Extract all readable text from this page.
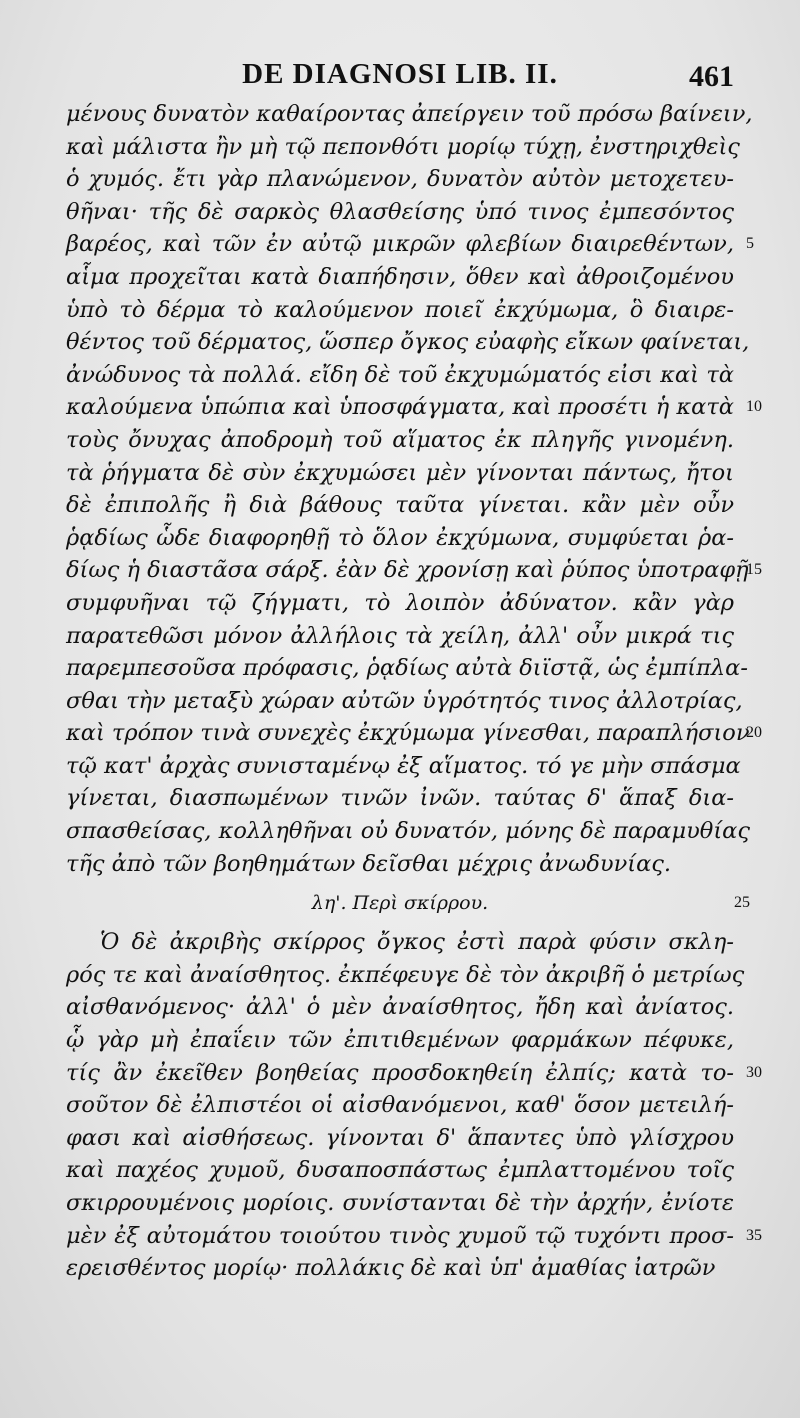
DE DIAGNOSI LIB. II.	461
μένους δυνατὸν καθαίροντας ἀπείργειν τοῦ πρόσω βαίνειν,
καὶ μάλιστα ἢν μὴ τῷ πεπονθότι μορίῳ τύχῃ, ἐνστηριχθεὶς
ὁ χυμός. ἔτι γὰρ πλανώμενον, δυνατὸν αὐτὸν μετοχετευ-
θῆναι· τῆς δὲ σαρκὸς θλασθείσης ὑπό τινος ἐμπεσόντος
βαρέος, καὶ τῶν ἐν αὐτῷ μικρῶν φλεβίων διαιρεθέντων, 5
αἷμα προχεῖται κατὰ διαπήδησιν, ὅθεν καὶ ἀθροιζομένου
ὑπὸ τὸ δέρμα τὸ καλούμενον ποιεῖ ἐκχύμωμα, ὃ διαιρε-
θέντος τοῦ δέρματος, ὥσπερ ὄγκος εὐαφὴς εἴκων φαίνεται,
ἀνώδυνος τὰ πολλά. εἴδη δὲ τοῦ ἐκχυμώματός εἰσι καὶ τὰ
καλούμενα ὑπώπια καὶ ὑποσφάγματα, καὶ προσέτι ἡ κατὰ 10
τοὺς ὄνυχας ἀποδρομὴ τοῦ αἵματος ἐκ πληγῆς γινομένη.
τὰ ῥήγματα δὲ σὺν ἐκχυμώσει μὲν γίνονται πάντως, ἤτοι
δὲ ἐπιπολῆς ἢ διὰ βάθους ταῦτα γίνεται. κἂν μὲν οὖν
ῥᾳδίως ὧδε διαφορηθῇ τὸ ὅλον ἐκχύμωνα, συμφύεται ῥα-
δίως ἡ διαστᾶσα σάρξ. ἐὰν δὲ χρονίσῃ καὶ ῥύπος ὑποτραφῇ
15
συμφυῆναι τῷ ζήγματι, τὸ λοιπὸν ἀδύνατον. κἂν γὰρ
παρατεθῶσι μόνον ἀλλήλοις τὰ χείλη, ἀλλ' οὖν μικρά τις
παρεμπεσοῦσα πρόφασις, ῥᾳδίως αὐτὰ διϊστᾷ, ὡς ἐμπίπλα-
σθαι τὴν μεταξὺ χώραν αὐτῶν ὑγρότητός τινος ἀλλοτρίας,
καὶ τρόπον τινὰ συνεχὲς ἐκχύμωμα γίνεσθαι, παραπλήσιον
20
τῷ κατ' ἀρχὰς συνισταμένῳ ἐξ αἵματος. τό γε μὴν σπάσμα
γίνεται, διασπωμένων τινῶν ἰνῶν. ταύτας δ' ἅπαξ δια-
σπασθείσας, κολληθῆναι οὐ δυνατόν, μόνης δὲ παραμυθίας
τῆς ἀπὸ τῶν βοηθημάτων δεῖσθαι μέχρις ἀνωδυνίας.
λη'. Περὶ σκίρρου.	25
Ὁ δὲ ἀκριβὴς σκίρρος ὄγκος ἐστὶ παρὰ φύσιν σκλη-
ρός τε καὶ ἀναίσθητος. ἐκπέφευγε δὲ τὸν ἀκριβῆ ὁ μετρίως
αἰσθανόμενος· ἀλλ' ὁ μὲν ἀναίσθητος, ἤδη καὶ ἀνίατος.
ᾧ γὰρ μὴ ἐπαΐειν τῶν ἐπιτιθεμένων φαρμάκων πέφυκε,
τίς ἂν ἐκεῖθεν βοηθείας προσδοκηθείη ἐλπίς; κατὰ το- 30
σοῦτον δὲ ἐλπιστέοι οἱ αἰσθανόμενοι, καθ' ὅσον μετειλή-
φασι καὶ αἰσθήσεως. γίνονται δ' ἅπαντες ὑπὸ γλίσχρου
καὶ παχέος χυμοῦ, δυσαποσπάστως ἐμπλαττομένου τοῖς
σκιρρουμένοις μορίοις. συνίστανται δὲ τὴν ἀρχήν, ἐνίοτε
μὲν ἐξ αὐτομάτου τοιούτου τινὸς χυμοῦ τῷ τυχόντι προσ- 35
ερεισθέντος μορίῳ· πολλάκις δὲ καὶ ὑπ' ἀμαθίας ἰατρῶν
